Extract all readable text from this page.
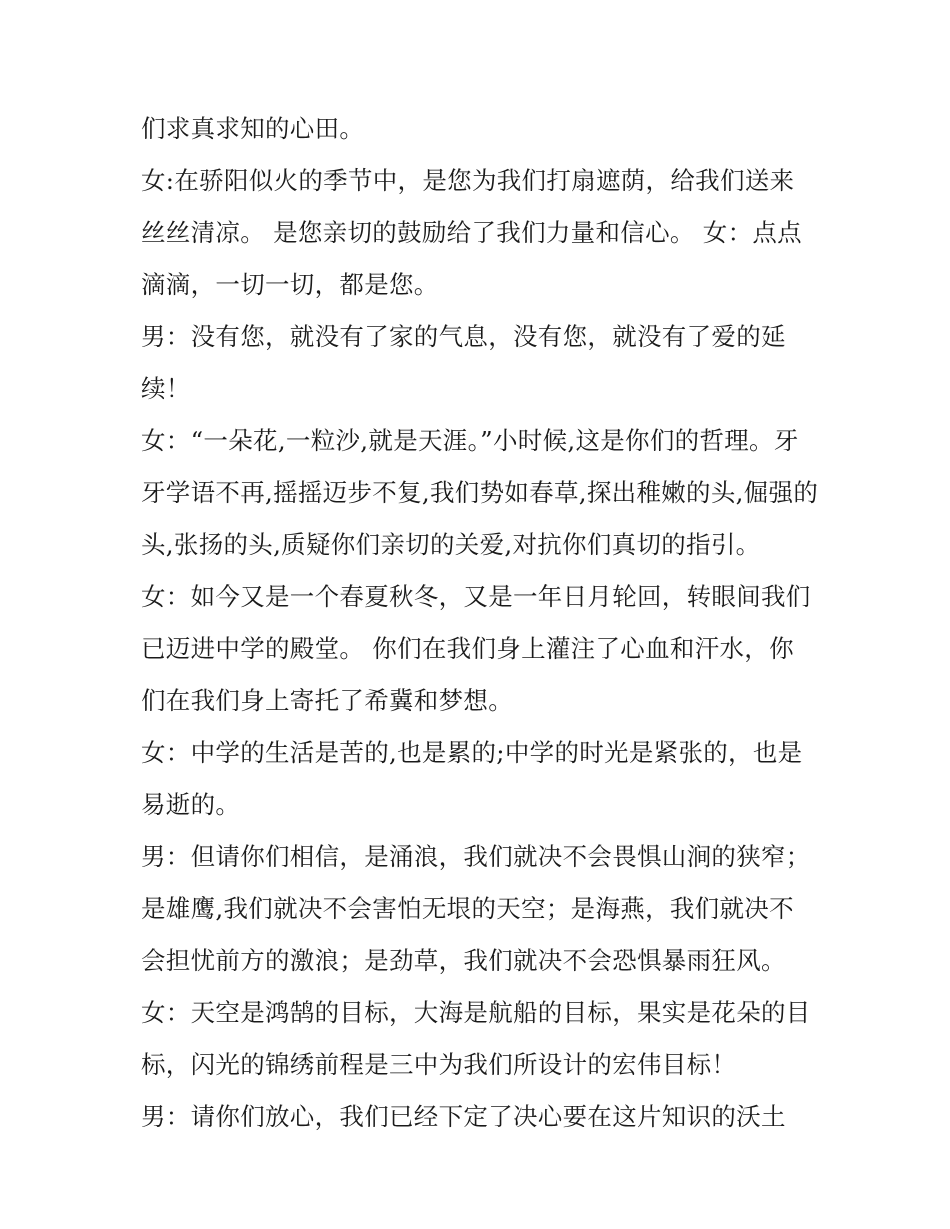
们求真求知的心田。
女:在骄阳似火的季节中，是您为我们打扇遮荫，给我们送来
丝丝清凉。 是您亲切的鼓励给了我们力量和信心。 女：点点
滴滴，一切一切，都是您。
男：没有您，就没有了家的气息，没有您，就没有了爱的延
续！
女：“一朵花,一粒沙,就是天涯。”小时候,这是你们的哲理。牙
牙学语不再,摇摇迈步不复,我们势如春草,探出稚嫩的头,倔强的
头,张扬的头,质疑你们亲切的关爱,对抗你们真切的指引。
女：如今又是一个春夏秋冬，又是一年日月轮回，转眼间我们
已迈进中学的殿堂。 你们在我们身上灌注了心血和汗水，你
们在我们身上寄托了希冀和梦想。
女：中学的生活是苦的,也是累的;中学的时光是紧张的，也是
易逝的。
男：但请你们相信，是涌浪，我们就决不会畏惧山涧的狭窄；
是雄鹰,我们就决不会害怕无垠的天空；是海燕，我们就决不
会担忧前方的激浪；是劲草，我们就决不会恐惧暴雨狂风。
女：天空是鸿鹄的目标，大海是航船的目标，果实是花朵的目
标，闪光的锦绣前程是三中为我们所设计的宏伟目标！
男：请你们放心，我们已经下定了决心要在这片知识的沃土
